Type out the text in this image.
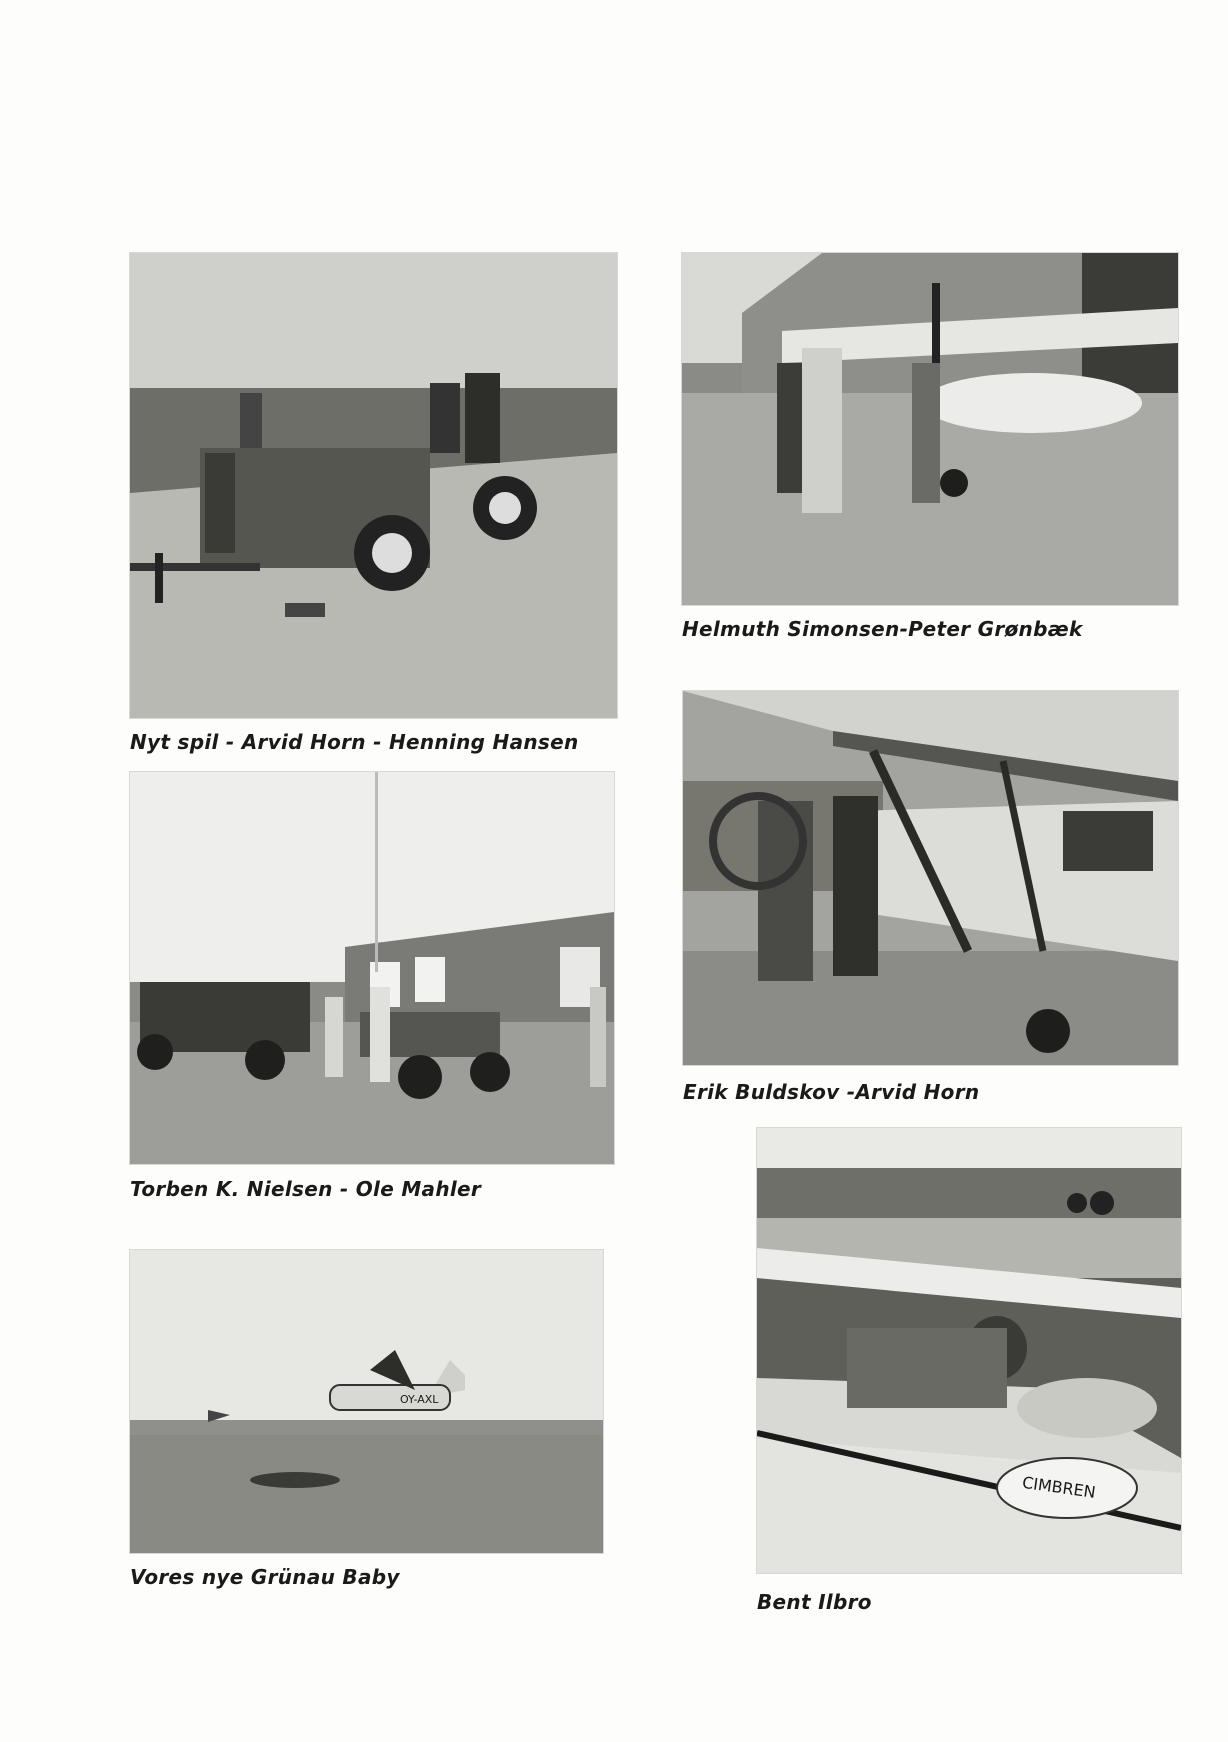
Nyt spil - Arvid Horn - Henning Hansen
Helmuth Simonsen-Peter Grønbæk
Torben K. Nielsen - Ole Mahler
Erik Buldskov -Arvid Horn
OY-AXL
Vores nye Grünau Baby
CIMBREN
Bent Ilbro
